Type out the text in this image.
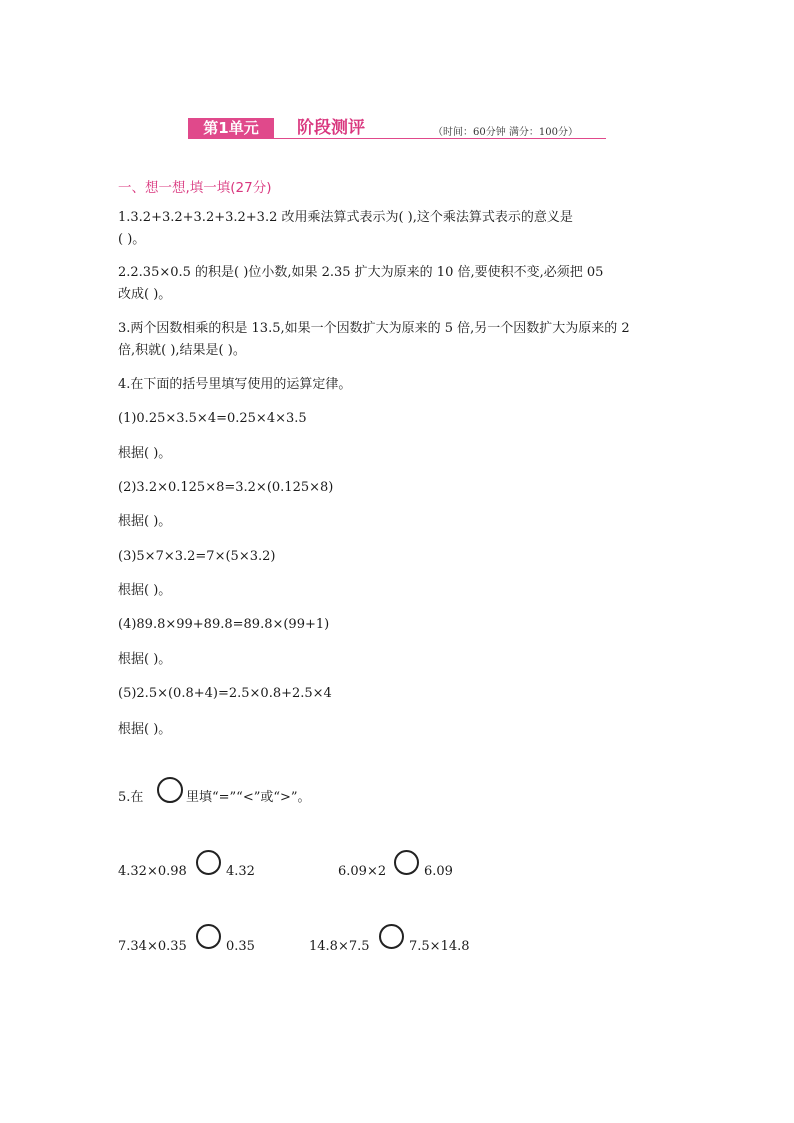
第1单元	阶段测评	（时间：60分钟 满分：100分）
一、想一想,填一填(27分)
1.3.2+3.2+3.2+3.2+3.2 改用乘法算式表示为( ),这个乘法算式表示的意义是
( )。
2.2.35×0.5 的积是( )位小数,如果 2.35 扩大为原来的 10 倍,要使积不变,必须把 05
改成( )。
3.两个因数相乘的积是 13.5,如果一个因数扩大为原来的 5 倍,另一个因数扩大为原来的 2
倍,积就( ),结果是( )。
4.在下面的括号里填写使用的运算定律。
(1)0.25×3.5×4=0.25×4×3.5
根据( )。
(2)3.2×0.125×8=3.2×(0.125×8)
根据( )。
(3)5×7×3.2=7×(5×3.2)
根据( )。
(4)89.8×99+89.8=89.8×(99+1)
根据( )。
(5)2.5×(0.8+4)=2.5×0.8+2.5×4
根据( )。
5.在	里填“=”“<”或“>”。
4.32×0.98	4.32	6.09×2	6.09
7.34×0.35	0.35	14.8×7.5	7.5×14.8
